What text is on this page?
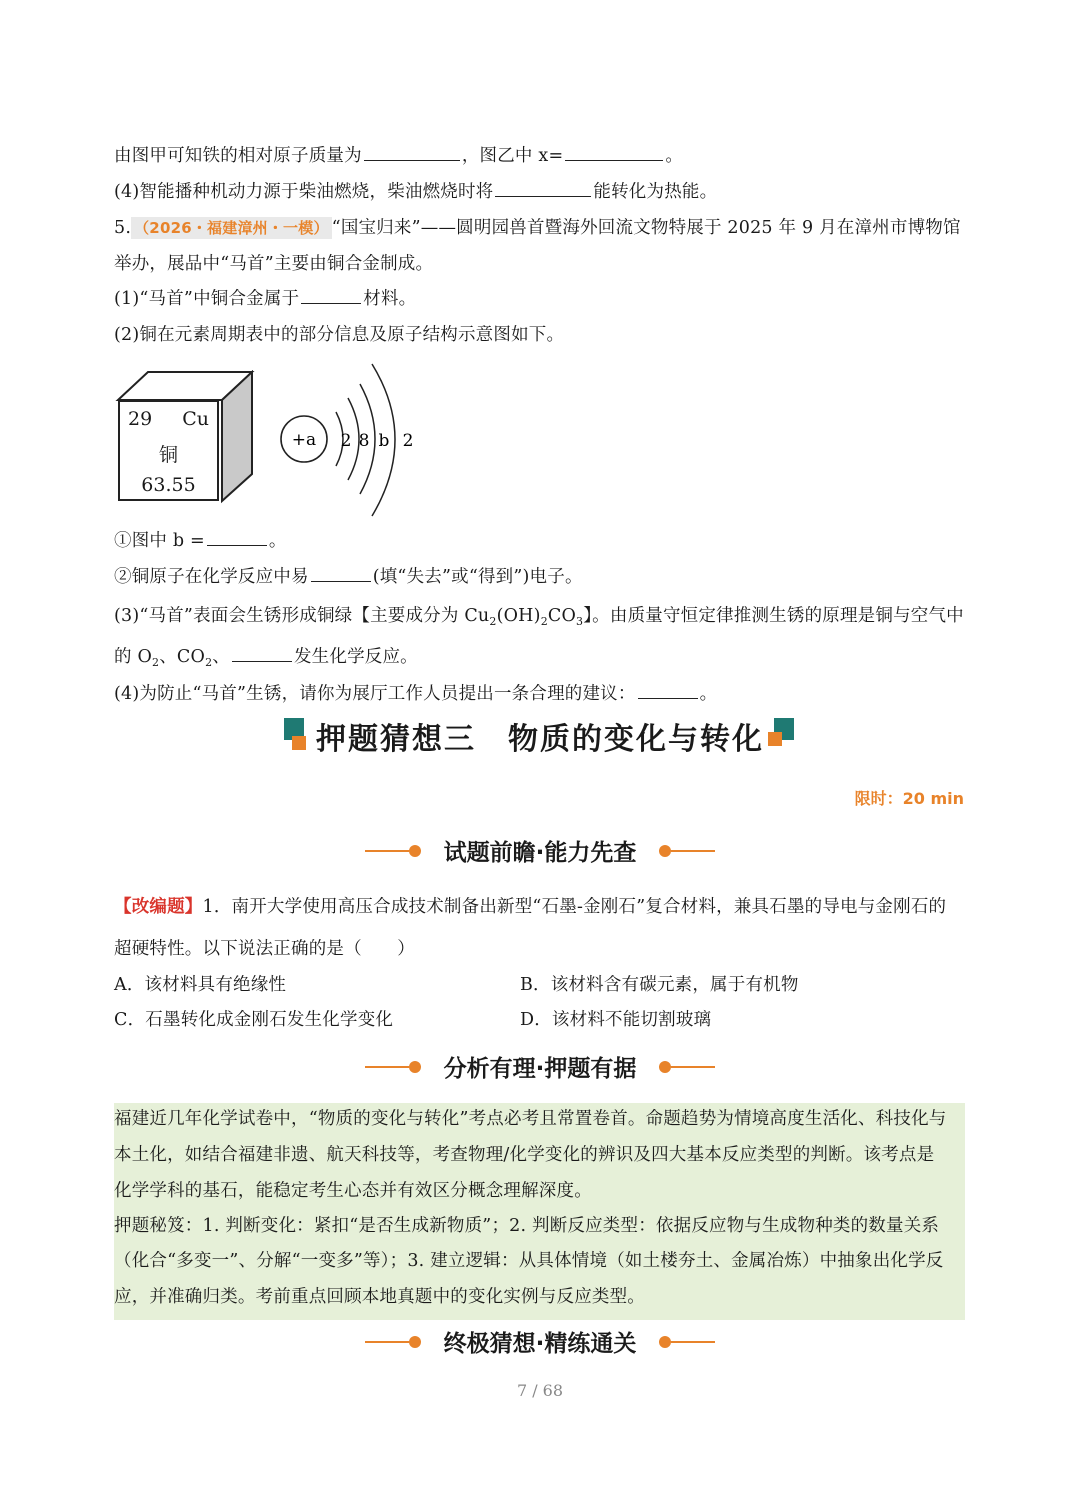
由图甲可知铁的相对原子质量为	，图乙中 x=	。
(4)智能播种机动力源于柴油燃烧，柴油燃烧时将	能转化为热能。
5. （2026・福建漳州・一模） “国宝归来”——圆明园兽首暨海外回流文物特展于 2025 年 9 月在漳州市博物馆
举办，展品中“马首”主要由铜合金制成。
(1)“马首”中铜合金属于	材料。
(2)铜在元素周期表中的部分信息及原子结构示意图如下。
29 Cu
铜
63.55
+a 2 8 b 2
①图中 b =	。
②铜原子在化学反应中易	(填“失去”或“得到”)电子。
(3)“马首”表面会生锈形成铜绿【主要成分为 $Cu_2(OH)_2CO_3$】。由质量守恒定律推测生锈的原理是铜与空气中
的 $O_2$、$CO_2$、	发生化学反应。
(4)为防止“马首”生锈，请你为展厅工作人员提出一条合理的建议：	。
押题猜想三　物质的变化与转化
限时：20 min
试题前瞻·能力先查
【改编题】1．南开大学使用高压合成技术制备出新型“石墨-金刚石”复合材料，兼具石墨的导电与金刚石的
超硬特性。以下说法正确的是（　　）
A．该材料具有绝缘性	B．该材料含有碳元素，属于有机物
C．石墨转化成金刚石发生化学变化	D．该材料不能切割玻璃
分析有理·押题有据
福建近几年化学试卷中，“物质的变化与转化”考点必考且常置卷首。命题趋势为情境高度生活化、科技化与
本土化，如结合福建非遗、航天科技等，考查物理/化学变化的辨识及四大基本反应类型的判断。该考点是
化学学科的基石，能稳定考生心态并有效区分概念理解深度。
押题秘笈：1. 判断变化：紧扣“是否生成新物质”；2. 判断反应类型：依据反应物与生成物种类的数量关系
（化合“多变一”、分解“一变多”等）；3. 建立逻辑：从具体情境（如土楼夯土、金属冶炼）中抽象出化学反
应，并准确归类。考前重点回顾本地真题中的变化实例与反应类型。
终极猜想·精练通关
7 / 68
